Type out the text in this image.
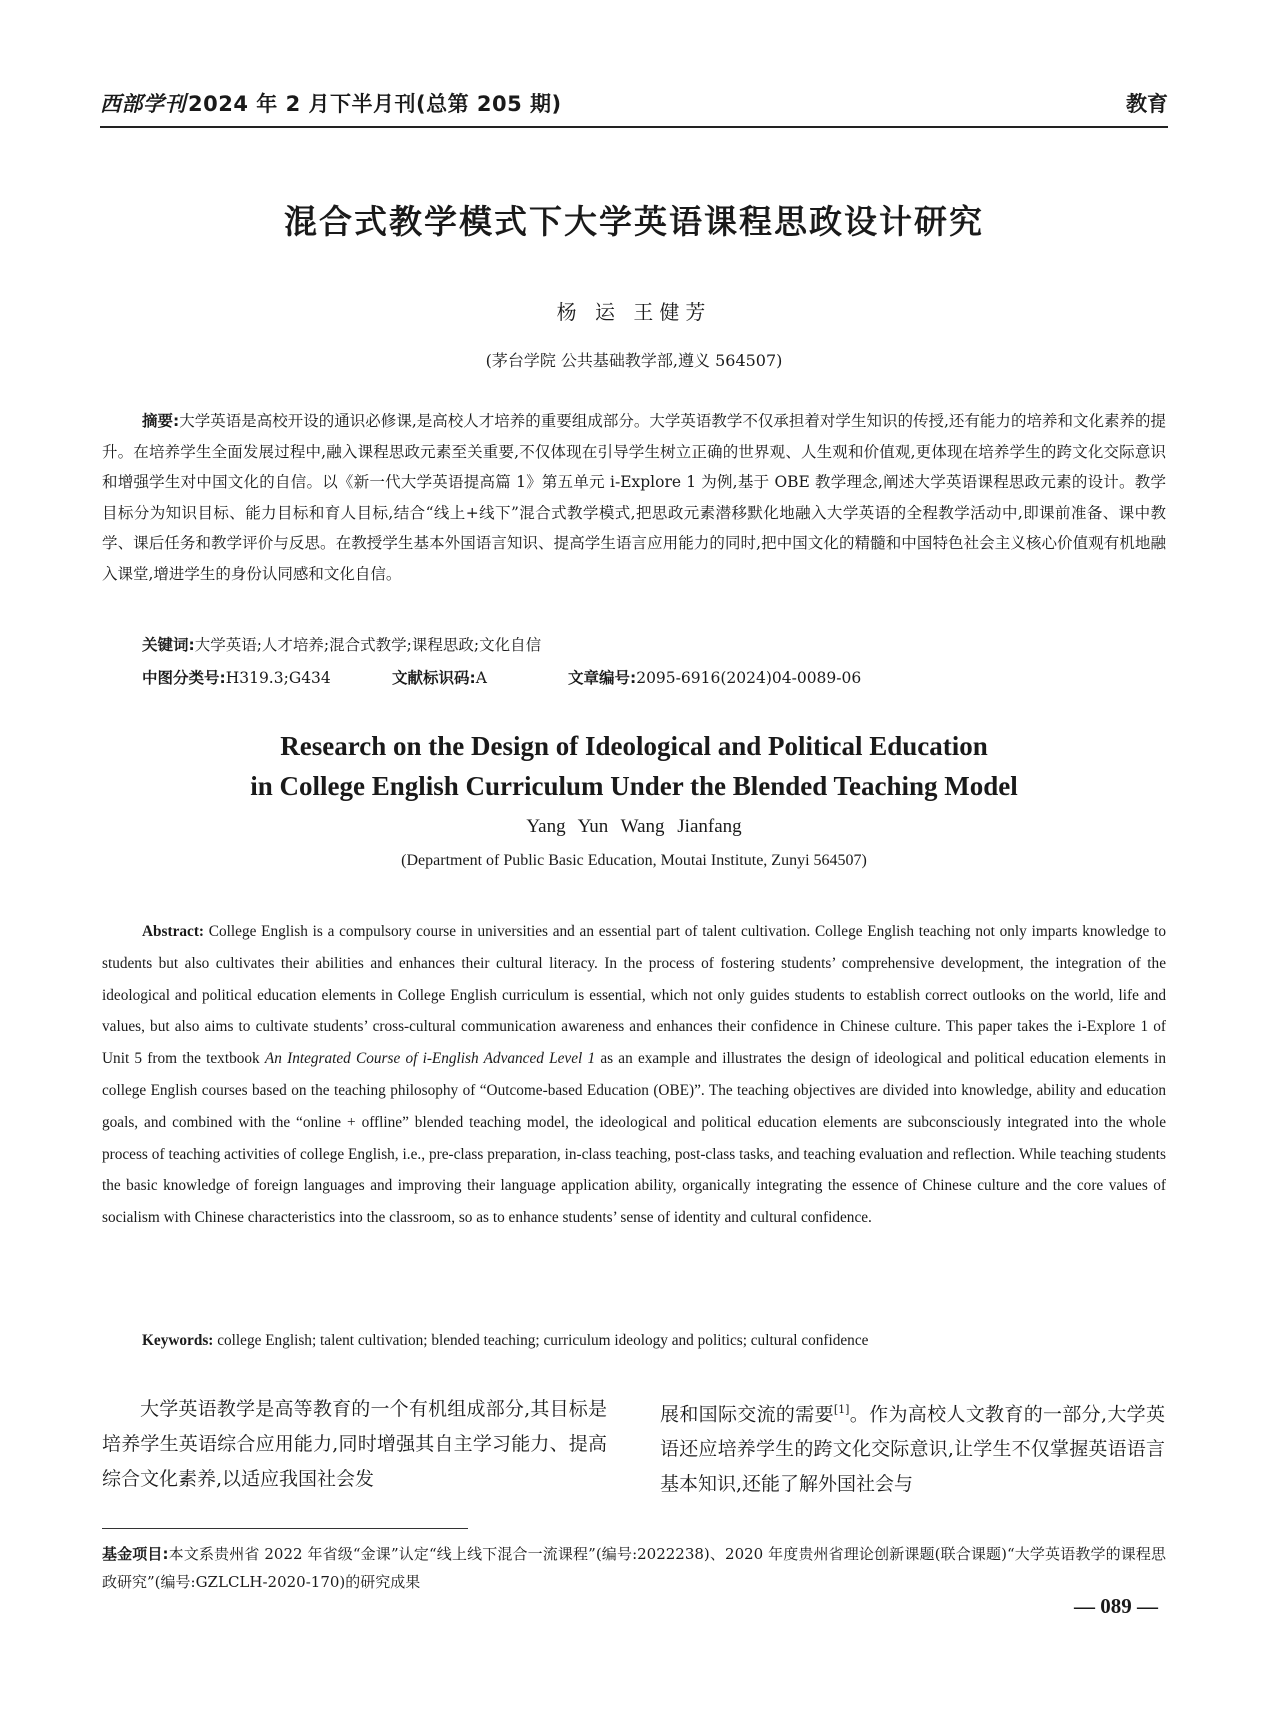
西部学刊2024 年 2 月下半月刊(总第 205 期)	教育
混合式教学模式下大学英语课程思政设计研究
杨 运 王健芳
(茅台学院 公共基础教学部,遵义 564507)
摘要:大学英语是高校开设的通识必修课,是高校人才培养的重要组成部分。大学英语教学不仅承担着对学生知识的传授,还有能力的培养和文化素养的提升。在培养学生全面发展过程中,融入课程思政元素至关重要,不仅体现在引导学生树立正确的世界观、人生观和价值观,更体现在培养学生的跨文化交际意识和增强学生对中国文化的自信。以《新一代大学英语提高篇 1》第五单元 i-Explore 1 为例,基于 OBE 教学理念,阐述大学英语课程思政元素的设计。教学目标分为知识目标、能力目标和育人目标,结合“线上+线下”混合式教学模式,把思政元素潜移默化地融入大学英语的全程教学活动中,即课前准备、课中教学、课后任务和教学评价与反思。在教授学生基本外国语言知识、提高学生语言应用能力的同时,把中国文化的精髓和中国特色社会主义核心价值观有机地融入课堂,增进学生的身份认同感和文化自信。
关键词:大学英语;人才培养;混合式教学;课程思政;文化自信
中图分类号:H319.3;G434	文献标识码:A	文章编号:2095-6916(2024)04-0089-06
Research on the Design of Ideological and Political Education
in College English Curriculum Under the Blended Teaching Model
Yang Yun Wang Jianfang
(Department of Public Basic Education, Moutai Institute, Zunyi 564507)
Abstract: College English is a compulsory course in universities and an essential part of talent cultivation. College English teaching not only imparts knowledge to students but also cultivates their abilities and enhances their cultural literacy. In the process of fostering students’ comprehensive development, the integration of the ideological and political education elements in College English curriculum is essential, which not only guides students to establish correct outlooks on the world, life and values, but also aims to cultivate students’ cross-cultural communication awareness and enhances their confidence in Chinese culture. This paper takes the i-Explore 1 of Unit 5 from the textbook An Integrated Course of i-English Advanced Level 1 as an example and illustrates the design of ideological and political education elements in college English courses based on the teaching philosophy of “Outcome-based Education (OBE)”. The teaching objectives are divided into knowledge, ability and education goals, and combined with the “online + offline” blended teaching model, the ideological and political education elements are subconsciously integrated into the whole process of teaching activities of college English, i.e., pre-class preparation, in-class teaching, post-class tasks, and teaching evaluation and reflection. While teaching students the basic knowledge of foreign languages and improving their language application ability, organically integrating the essence of Chinese culture and the core values of socialism with Chinese characteristics into the classroom, so as to enhance students’ sense of identity and cultural confidence.
Keywords: college English; talent cultivation; blended teaching; curriculum ideology and politics; cultural confidence
大学英语教学是高等教育的一个有机组成部分,其目标是培养学生英语综合应用能力,同时增强其自主学习能力、提高综合文化素养,以适应我国社会发
展和国际交流的需要[1]。作为高校人文教育的一部分,大学英语还应培养学生的跨文化交际意识,让学生不仅掌握英语语言基本知识,还能了解外国社会与
基金项目:本文系贵州省 2022 年省级“金课”认定“线上线下混合一流课程”(编号:2022238)、2020 年度贵州省理论创新课题(联合课题)“大学英语教学的课程思政研究”(编号:GZLCLH-2020-170)的研究成果
— 089 —
